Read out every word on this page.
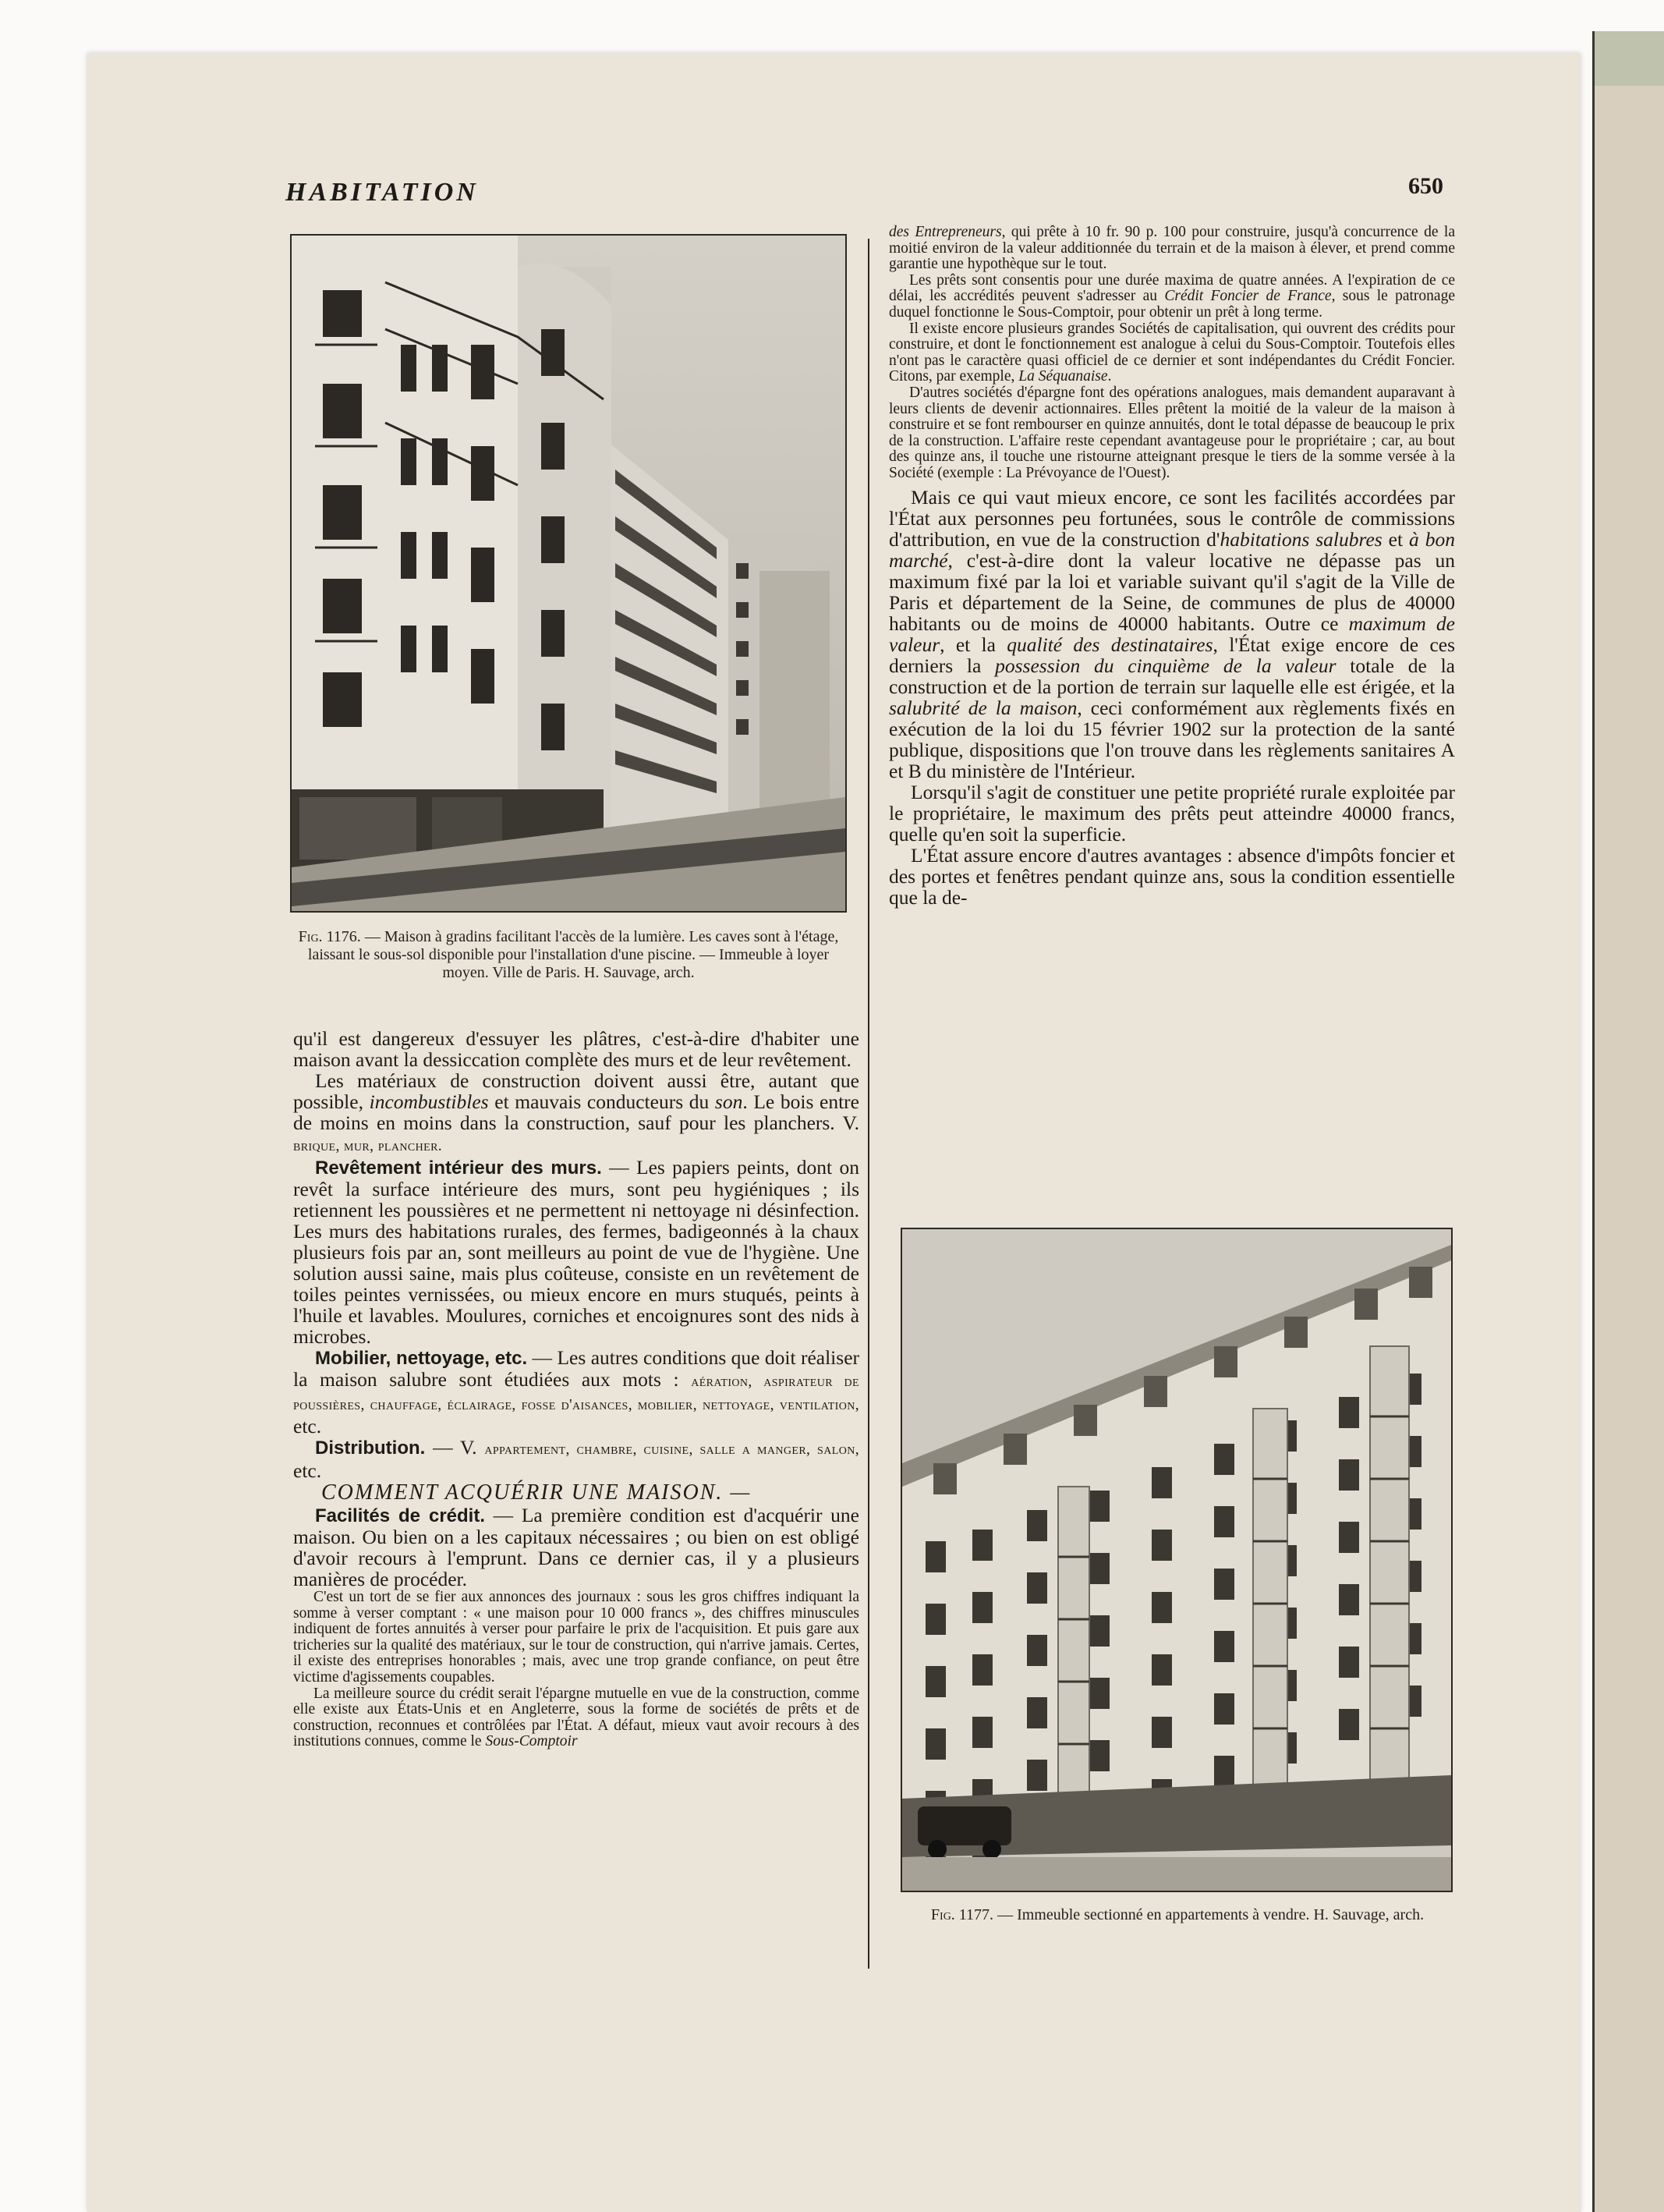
HABITATION	650
Fig. 1176. — Maison à gradins facilitant l'accès de la lumière. Les caves sont à l'étage, laissant le sous-sol disponible pour l'installation d'une piscine. — Immeuble à loyer moyen. Ville de Paris. H. Sauvage, arch.

qu'il est dangereux d'essuyer les plâtres, c'est-à-dire d'habiter une maison avant la dessiccation complète des murs et de leur revêtement.

Les matériaux de construction doivent aussi être, autant que possible, incombustibles et mauvais conducteurs du son. Le bois entre de moins en moins dans la construction, sauf pour les planchers. V. brique, mur, plancher.

Revêtement intérieur des murs. — Les papiers peints, dont on revêt la surface intérieure des murs, sont peu hygiéniques ; ils retiennent les poussières et ne permettent ni nettoyage ni désinfection. Les murs des habitations rurales, des fermes, badigeonnés à la chaux plusieurs fois par an, sont meilleurs au point de vue de l'hygiène. Une solution aussi saine, mais plus coûteuse, consiste en un revêtement de toiles peintes vernissées, ou mieux encore en murs stuqués, peints à l'huile et lavables. Moulures, corniches et encoignures sont des nids à microbes.

Mobilier, nettoyage, etc. — Les autres conditions que doit réaliser la maison salubre sont étudiées aux mots : aération, aspirateur de poussières, chauffage, éclairage, fosse d'aisances, mobilier, nettoyage, ventilation, etc.

Distribution. — V. appartement, chambre, cuisine, salle a manger, salon, etc.

COMMENT ACQUÉRIR UNE MAISON. —

Facilités de crédit. — La première condition est d'acquérir une maison. Ou bien on a les capitaux nécessaires ; ou bien on est obligé d'avoir recours à l'emprunt. Dans ce dernier cas, il y a plusieurs manières de procéder.

C'est un tort de se fier aux annonces des journaux : sous les gros chiffres indiquant la somme à verser comptant : « une maison pour 10 000 francs », des chiffres minuscules indiquent de fortes annuités à verser pour parfaire le prix de l'acquisition. Et puis gare aux tricheries sur la qualité des matériaux, sur le tour de construction, qui n'arrive jamais. Certes, il existe des entreprises honorables ; mais, avec une trop grande confiance, on peut être victime d'agissements coupables.

La meilleure source du crédit serait l'épargne mutuelle en vue de la construction, comme elle existe aux États-Unis et en Angleterre, sous la forme de sociétés de prêts et de construction, reconnues et contrôlées par l'État. A défaut, mieux vaut avoir recours à des institutions connues, comme le Sous-Comptoir

des Entrepreneurs, qui prête à 10 fr. 90 p. 100 pour construire, jusqu'à concurrence de la moitié environ de la valeur additionnée du terrain et de la maison à élever, et prend comme garantie une hypothèque sur le tout.

Les prêts sont consentis pour une durée maxima de quatre années. A l'expiration de ce délai, les accrédités peuvent s'adresser au Crédit Foncier de France, sous le patronage duquel fonctionne le Sous-Comptoir, pour obtenir un prêt à long terme.

Il existe encore plusieurs grandes Sociétés de capitalisation, qui ouvrent des crédits pour construire, et dont le fonctionnement est analogue à celui du Sous-Comptoir. Toutefois elles n'ont pas le caractère quasi officiel de ce dernier et sont indépendantes du Crédit Foncier. Citons, par exemple, La Séquanaise.

D'autres sociétés d'épargne font des opérations analogues, mais demandent auparavant à leurs clients de devenir actionnaires. Elles prêtent la moitié de la valeur de la maison à construire et se font rembourser en quinze annuités, dont le total dépasse de beaucoup le prix de la construction. L'affaire reste cependant avantageuse pour le propriétaire ; car, au bout des quinze ans, il touche une ristourne atteignant presque le tiers de la somme versée à la Société (exemple : La Prévoyance de l'Ouest).

Mais ce qui vaut mieux encore, ce sont les facilités accordées par l'État aux personnes peu fortunées, sous le contrôle de commissions d'attribution, en vue de la construction d'habitations salubres et à bon marché, c'est-à-dire dont la valeur locative ne dépasse pas un maximum fixé par la loi et variable suivant qu'il s'agit de la Ville de Paris et département de la Seine, de communes de plus de 40000 habitants ou de moins de 40000 habitants. Outre ce maximum de valeur, et la qualité des destinataires, l'État exige encore de ces derniers la possession du cinquième de la valeur totale de la construction et de la portion de terrain sur laquelle elle est érigée, et la salubrité de la maison, ceci conformément aux règlements fixés en exécution de la loi du 15 février 1902 sur la protection de la santé publique, dispositions que l'on trouve dans les règlements sanitaires A et B du ministère de l'Intérieur.

Lorsqu'il s'agit de constituer une petite propriété rurale exploitée par le propriétaire, le maximum des prêts peut atteindre 40000 francs, quelle qu'en soit la superficie.

L'État assure encore d'autres avantages : absence d'impôts foncier et des portes et fenêtres pendant quinze ans, sous la condition essentielle que la de-

Fig. 1177. — Immeuble sectionné en appartements à vendre. H. Sauvage, arch.
